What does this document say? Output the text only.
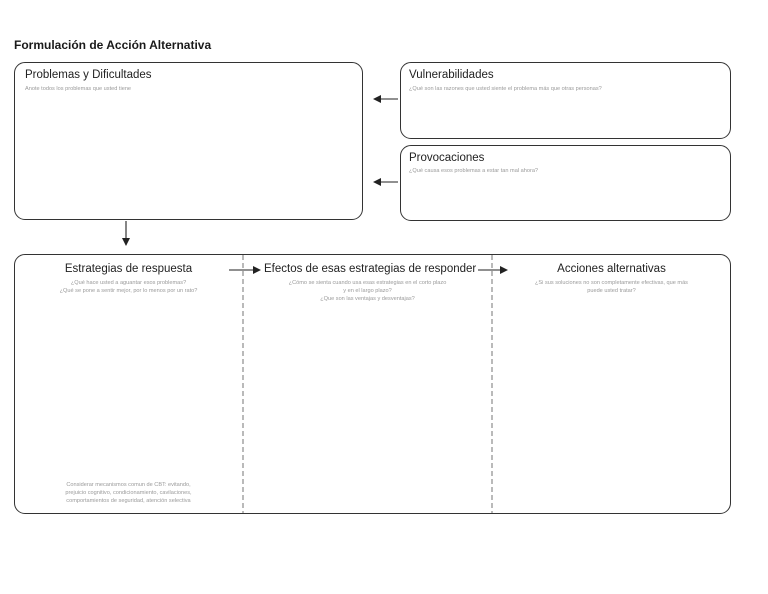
Formulación de Acción Alternativa
Problemas y Dificultades
Anote todos los problemas que usted tiene
Vulnerabilidades
¿Qué son las razones que usted siente el problema más que otras personas?
Provocaciones
¿Qué causa esos problemas a estar tan mal ahora?
Estrategias de respuesta
¿Qué hace usted a aguantar esos problemas?
¿Qué se pone a sentir mejor, por lo menos por un rato?
Considerar mecanismos comun de CBT: evitando,
prejuicio cognitivo, condicionamiento, cavilaciones,
comportamientos de seguridad, atención selectiva
Efectos de esas estrategias de responder
¿Cómo se sienta cuando usa esas estrategias en el corto plazo
y en el largo plazo?
¿Que son las ventajas y desventajas?
Acciones alternativas
¿Si sus soluciones no son completamente efectivas, que más
puede usted tratar?
